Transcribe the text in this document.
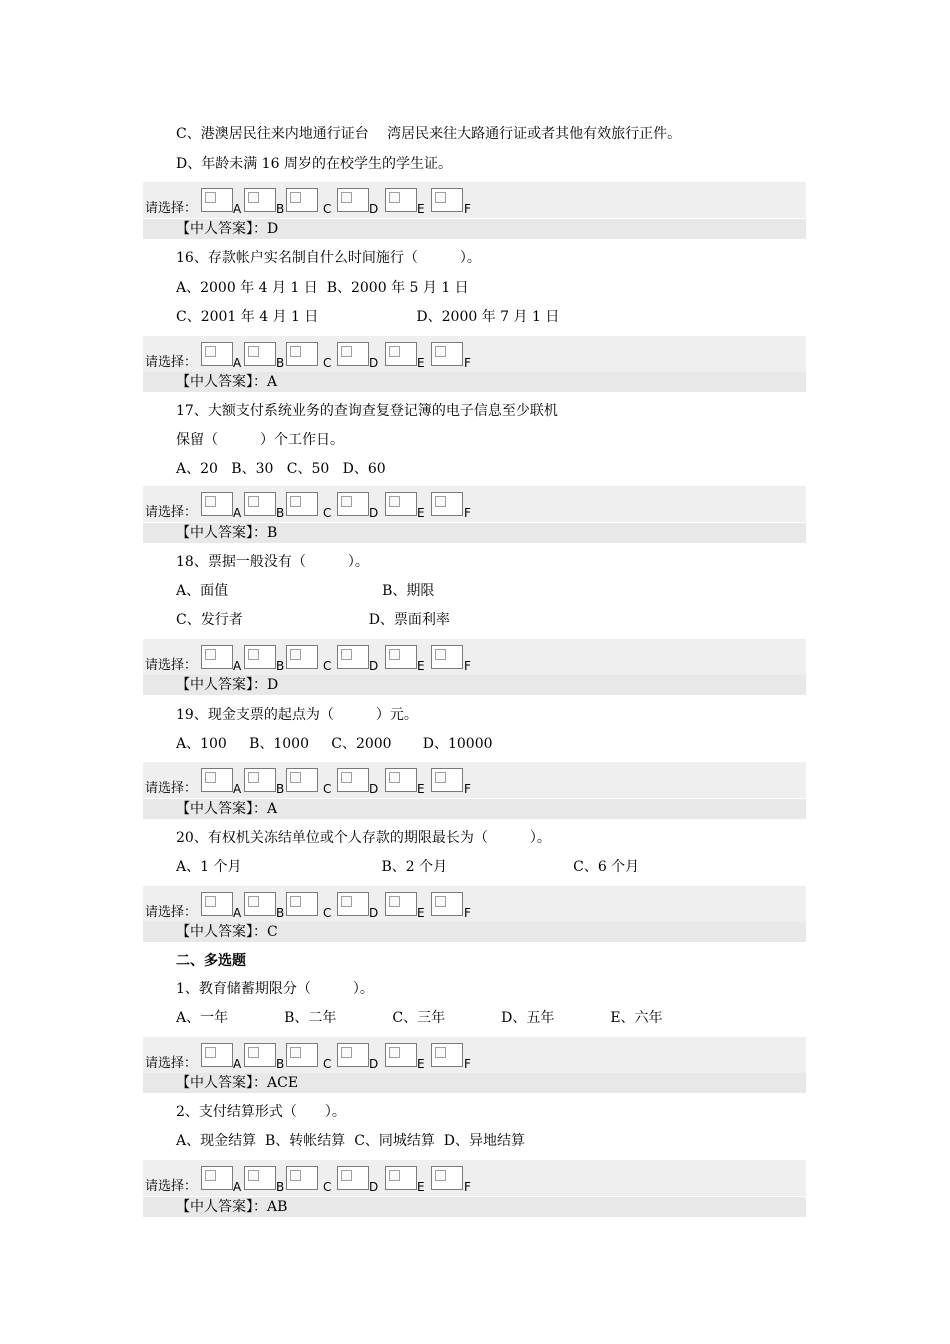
C、港澳居民往来内地通行证台　 湾居民来往大路通行证或者其他有效旅行正件。
D、年龄未满 16 周岁的在校学生的学生证。
请选择：	A	B	C	D	E	F
【中人答案】：D
16、存款帐户实名制自什么时间施行（　　　）。
A、2000 年 4 月 1 日  B、2000 年 5 月 1 日
C、2001 年 4 月 1 日　　　　　　　D、2000 年 7 月 1 日
请选择：	A	B	C	D	E	F
【中人答案】：A
17、大额支付系统业务的查询查复登记簿的电子信息至少联机
保留（　　　）个工作日。
A、20   B、30   C、50   D、60
请选择：	A	B	C	D	E	F
【中人答案】：B
18、票据一般没有（　　　）。
A、面值　　　　　　　　　　　B、期限
C、发行者　　　　　　　　　D、票面利率
请选择：	A	B	C	D	E	F
【中人答案】：D
19、现金支票的起点为（　　　）元。
A、100     B、1000     C、2000       D、10000
请选择：	A	B	C	D	E	F
【中人答案】：A
20、有权机关冻结单位或个人存款的期限最长为（　　　）。
A、1 个月　　　　　　　　　　B、2 个月　　　　　　　　　C、6 个月
请选择：	A	B	C	D	E	F
【中人答案】：C
二、多选题
1、教育储蓄期限分（　　　）。
A、一年　　　　B、二年　　　　C、三年　　　　D、五年　　　　E、六年
请选择：	A	B	C	D	E	F
【中人答案】：ACE
2、支付结算形式（　　）。
A、现金结算  B、转帐结算  C、同城结算  D、异地结算
请选择：	A	B	C	D	E	F
【中人答案】：AB
